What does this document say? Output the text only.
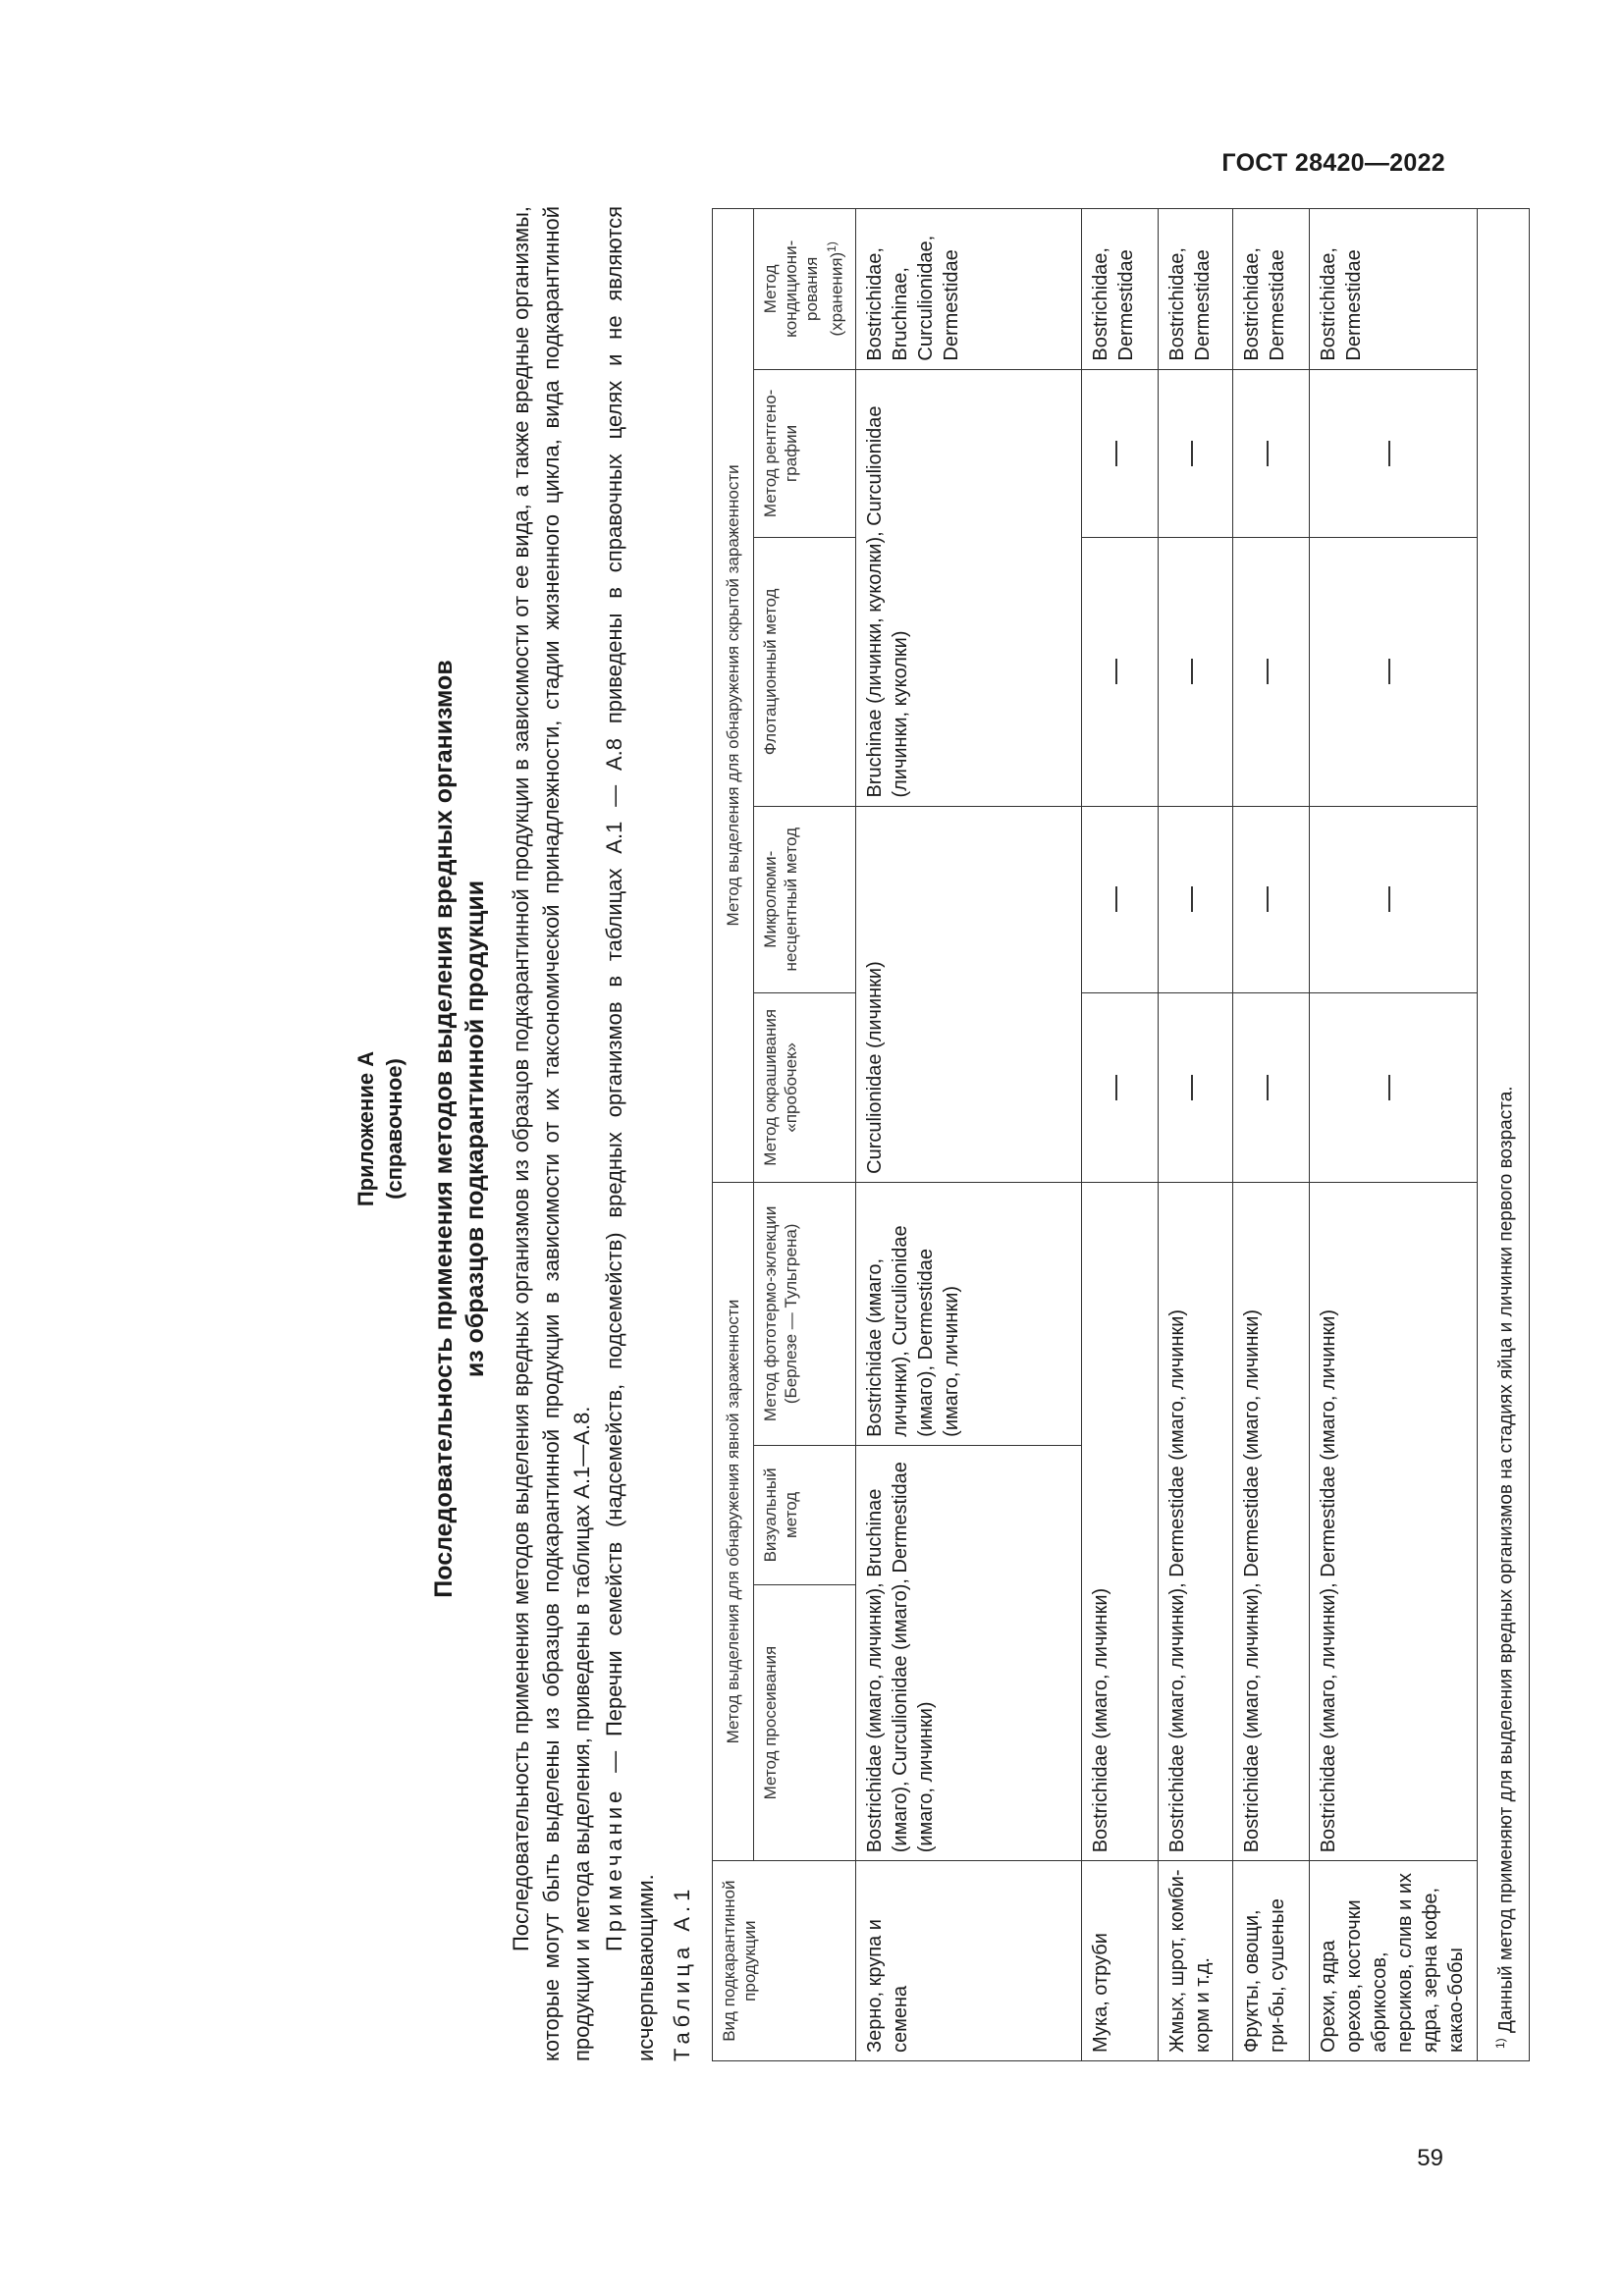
ГОСТ 28420—2022
Приложение А (справочное) Последовательность применения методов выделения вредных организмов из образцов подкарантинной продукции Последовательность применения методов выделения вредных организмов из образцов подкарантинной продукции в зависимости от ее вида, а также вредные организмы, которые могут быть выделены из образцов подкарантинной продукции в зависимости от их таксономической принадлежности, стадии жизненного цикла, вида подкарантинной продукции и метода выделения, приведены в таблицах А.1—А.8. Примечание — Перечни семейств (надсемейств, подсемейств) вредных организмов в таблицах А.1 — А.8 приведены в справочных целях и не являются исчерпывающими. Таблица А.1 Вид подкарантинной продукции	Метод выделения для обнаружения явной зараженности			Метод выделения для обнаружения скрытой зараженности				
	Метод просеивания	Визуальный метод	Метод фототермо-эклекции (Берлезе — Тульгрена)	Метод окрашивания «пробочек»	Микролюми-несцентный метод	Флотационный метод	Метод рентгено-графии	Метод кондициони-рования (хранения)$^{1)}$
Зерно, крупа и семена	Bostrichidae (имаго, личинки), Bruchinae (имаго), Curculionidae (имаго), Dermestidae (имаго, личинки)		Bostrichidae (имаго, личинки), Curculionidae (имаго), Dermestidae (имаго, личинки)	Curculionidae (личинки)		Bruchinae (личинки, куколки), Curculionidae (личинки, куколки)		Bostrichidae, Bruchinae, Curculionidae, Dermestidae
Мука, отруби	Bostrichidae (имаго, личинки)							Bostrichidae, Dermestidae
Жмых, шрот, комби-корм и т.д.	Bostrichidae (имаго, личинки), Dermestidae (имаго, личинки)							Bostrichidae, Dermestidae
Фрукты, овощи, гри-бы, сушеные	Bostrichidae (имаго, личинки), Dermestidae (имаго, личинки)							Bostrichidae, Dermestidae
Орехи, ядра орехов, косточки абрикосов, персиков, слив и их ядра, зерна кофе, какао-бобы	Bostrichidae (имаго, личинки), Dermestidae (имаго, личинки)							Bostrichidae, Dermestidae
$^{1)}$ Данный метод применяют для выделения вредных организмов на стадиях яйца и личинки первого возраста.								
59
